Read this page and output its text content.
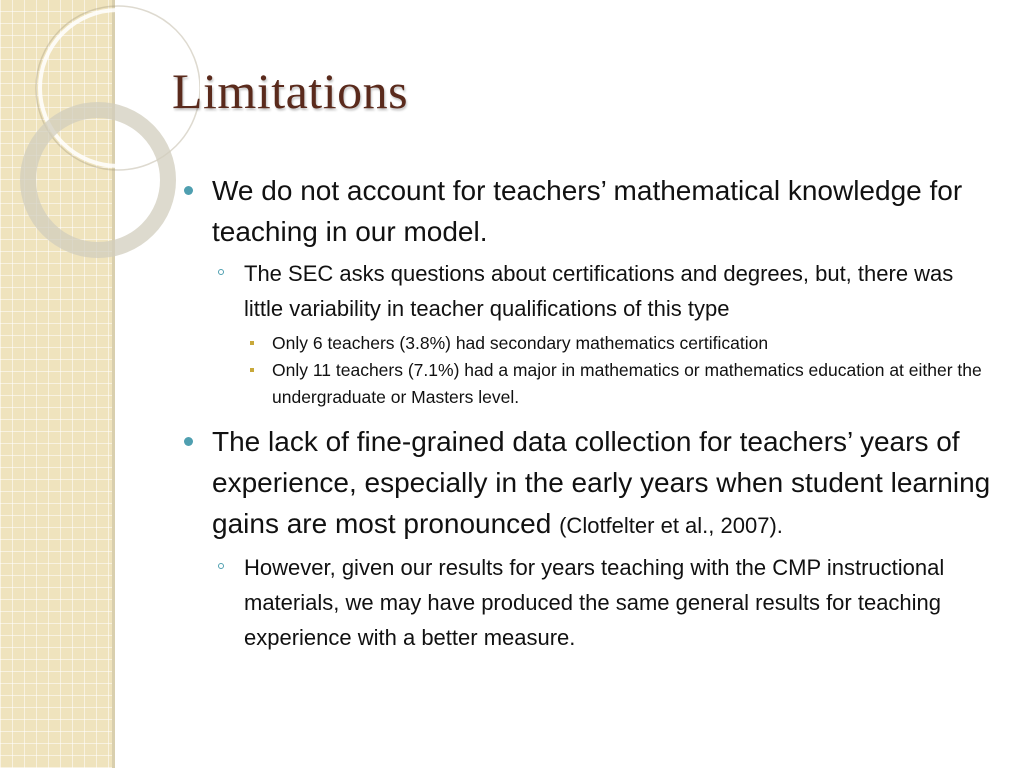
Limitations
We do not account for teachers’ mathematical knowledge for teaching in our model.
The SEC asks questions about certifications and degrees, but, there was little variability in teacher qualifications of this type
Only 6 teachers (3.8%) had secondary mathematics certification
Only 11 teachers (7.1%) had a major in mathematics or mathematics education at either the undergraduate or Masters level.
The lack of fine-grained data collection for teachers’ years of experience, especially in the early years when student learning gains are most pronounced (Clotfelter et al., 2007).
However, given our results for years teaching with the CMP instructional materials, we may have produced the same general results for teaching experience with a better measure.
